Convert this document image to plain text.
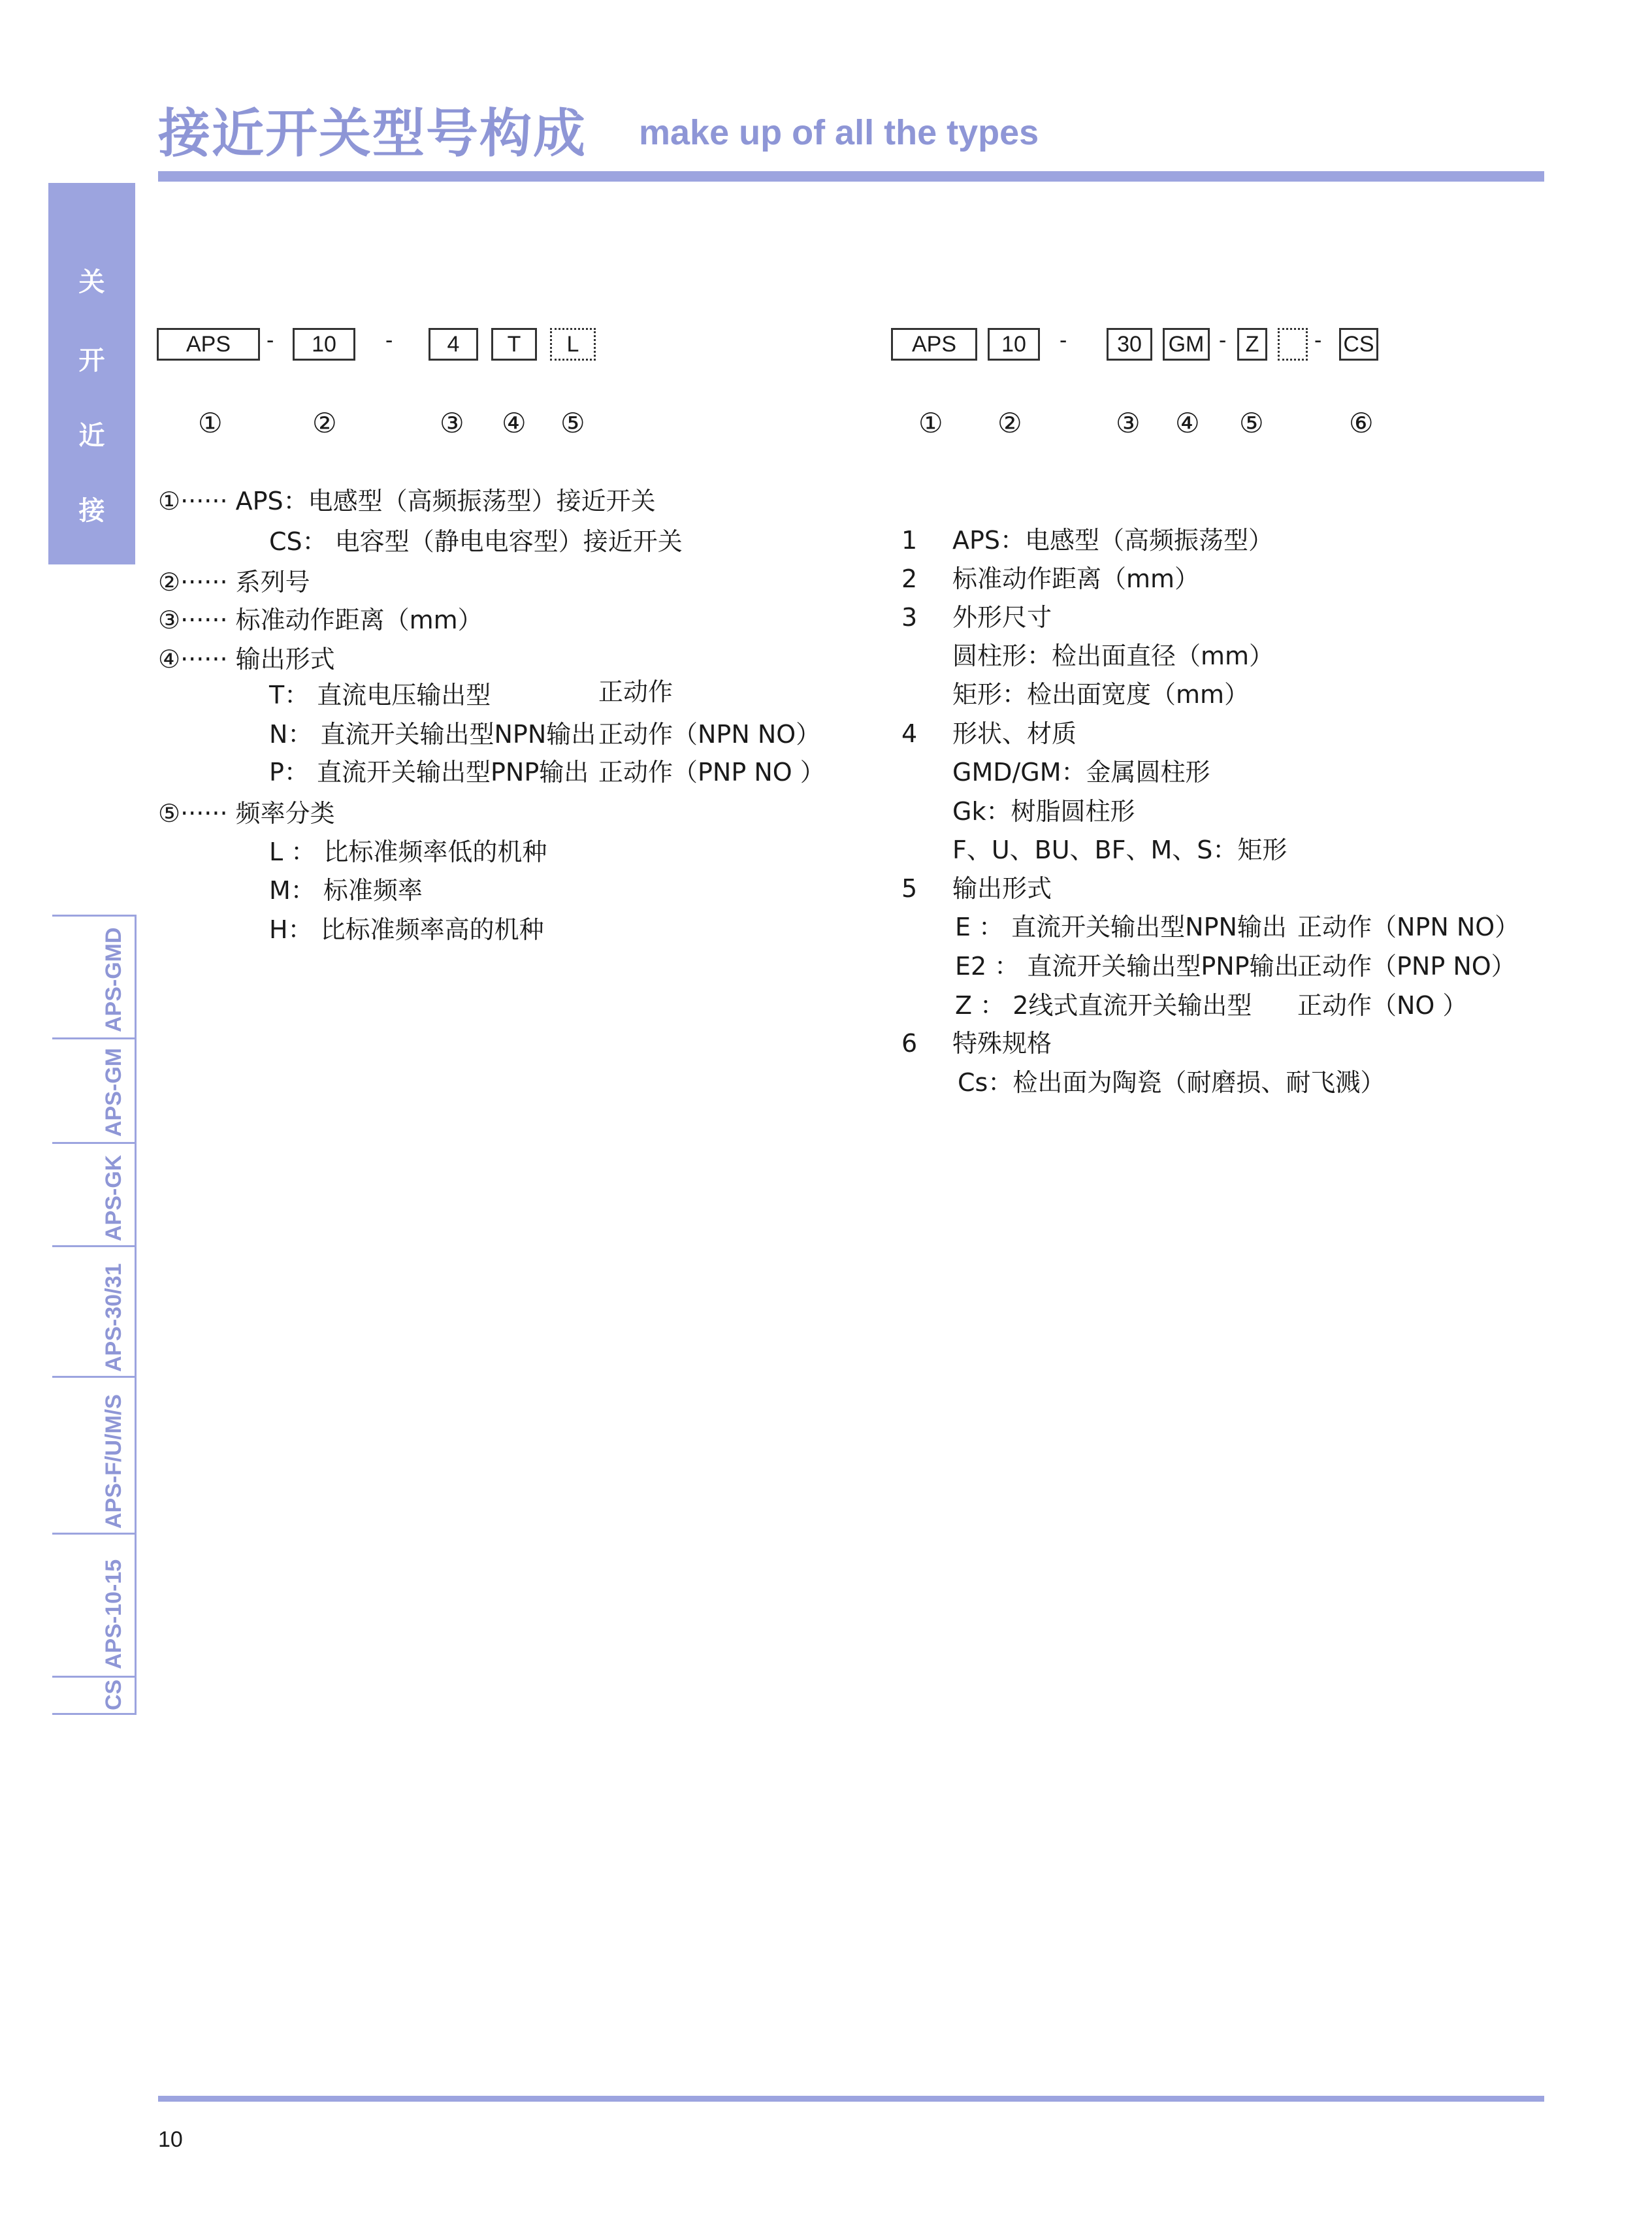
接近开关型号构成 make up of all the types
关
开
近
接
APS-GMD
APS-GM
APS-GK
APS-30/31
APS-F/U/M/S
APS-10-15
CS
APS	-	10	-	4	T	L
①	②	③ ④ ⑤
APS	10	-	30	GM - Z	- CS
① ②	③ ④ ⑤	⑥
①······ APS：电感型（高频振荡型）接近开关
CS： 电容型（静电电容型）接近开关
②······ 系列号
③······ 标准动作距离（mm）
④······ 输出形式
T： 直流电压输出型	正动作
N： 直流开关输出型NPN输出 正动作（NPN NO）
P： 直流开关输出型PNP输出 正动作（PNP NO ）
⑤······ 频率分类
L ： 比标准频率低的机种
M： 标准频率
H： 比标准频率高的机种
1 APS：电感型（高频振荡型）
2 标准动作距离（mm）
3 外形尺寸
圆柱形：检出面直径（mm）
矩形：检出面宽度（mm）
4 形状、材质
GMD/GM：金属圆柱形
Gk：树脂圆柱形
F、U、BU、BF、M、S：矩形
5 输出形式
E ： 直流开关输出型NPN输出 正动作（NPN NO）
E2 ： 直流开关输出型PNP输出
正动作（PNP NO）
Z ： 2线式直流开关输出型 正动作（NO ）
6 特殊规格
Cs：检出面为陶瓷（耐磨损、耐飞溅）
10
